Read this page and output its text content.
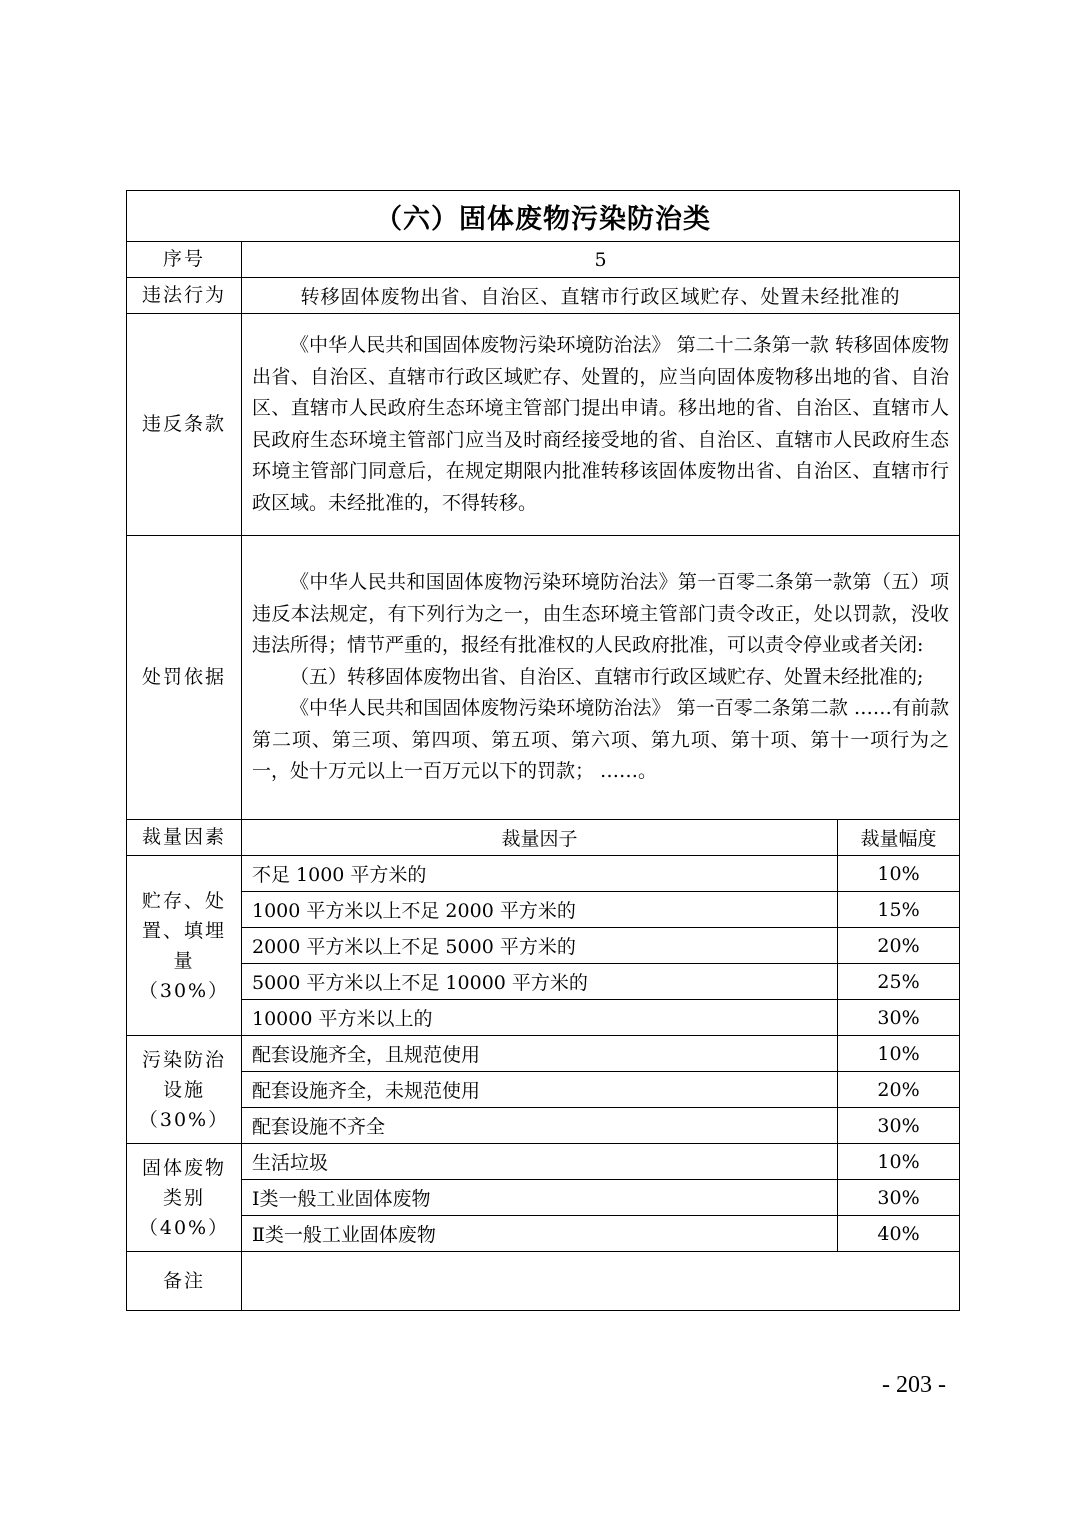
（六）固体废物污染防治类		
序号	5	
违法行为	转移固体废物出省、自治区、直辖市行政区域贮存、处置未经批准的	
违反条款	《中华人民共和国固体废物污染环境防治法》 第二十二条第一款 转移固体废物出省、自治区、直辖市行政区域贮存、处置的，应当向固体废物移出地的省、自治区、直辖市人民政府生态环境主管部门提出申请。移出地的省、自治区、直辖市人民政府生态环境主管部门应当及时商经接受地的省、自治区、直辖市人民政府生态环境主管部门同意后，在规定期限内批准转移该固体废物出省、自治区、直辖市行政区域。未经批准的，不得转移。	

处罚依据	《中华人民共和国固体废物污染环境防治法》第一百零二条第一款第（五）项 违反本法规定，有下列行为之一，由生态环境主管部门责令改正，处以罚款，没收违法所得；情节严重的，报经有批准权的人民政府批准，可以责令停业或者关闭:

（五）转移固体废物出省、自治区、直辖市行政区域贮存、处置未经批准的;

《中华人民共和国固体废物污染环境防治法》 第一百零二条第二款 ……有前款第二项、第三项、第四项、第五项、第六项、第九项、第十项、第十一项行为之一，处十万元以上一百万元以下的罚款； ……。	

裁量因素	裁量因子	裁量幅度

贮存、处
置、填埋
量
（30%）	不足 1000 平方米的	10%
	1000 平方米以上不足 2000 平方米的	15%
	2000 平方米以上不足 5000 平方米的	20%
	5000 平方米以上不足 10000 平方米的	25%
	10000 平方米以上的	30%

污染防治
设施
（30%）	配套设施齐全，且规范使用	10%
	配套设施齐全，未规范使用	20%
	配套设施不齐全	30%

固体废物
类别
（40%）	生活垃圾	10%
	Ⅰ类一般工业固体废物	30%
	Ⅱ类一般工业固体废物	40%
备注		
- 203 -
